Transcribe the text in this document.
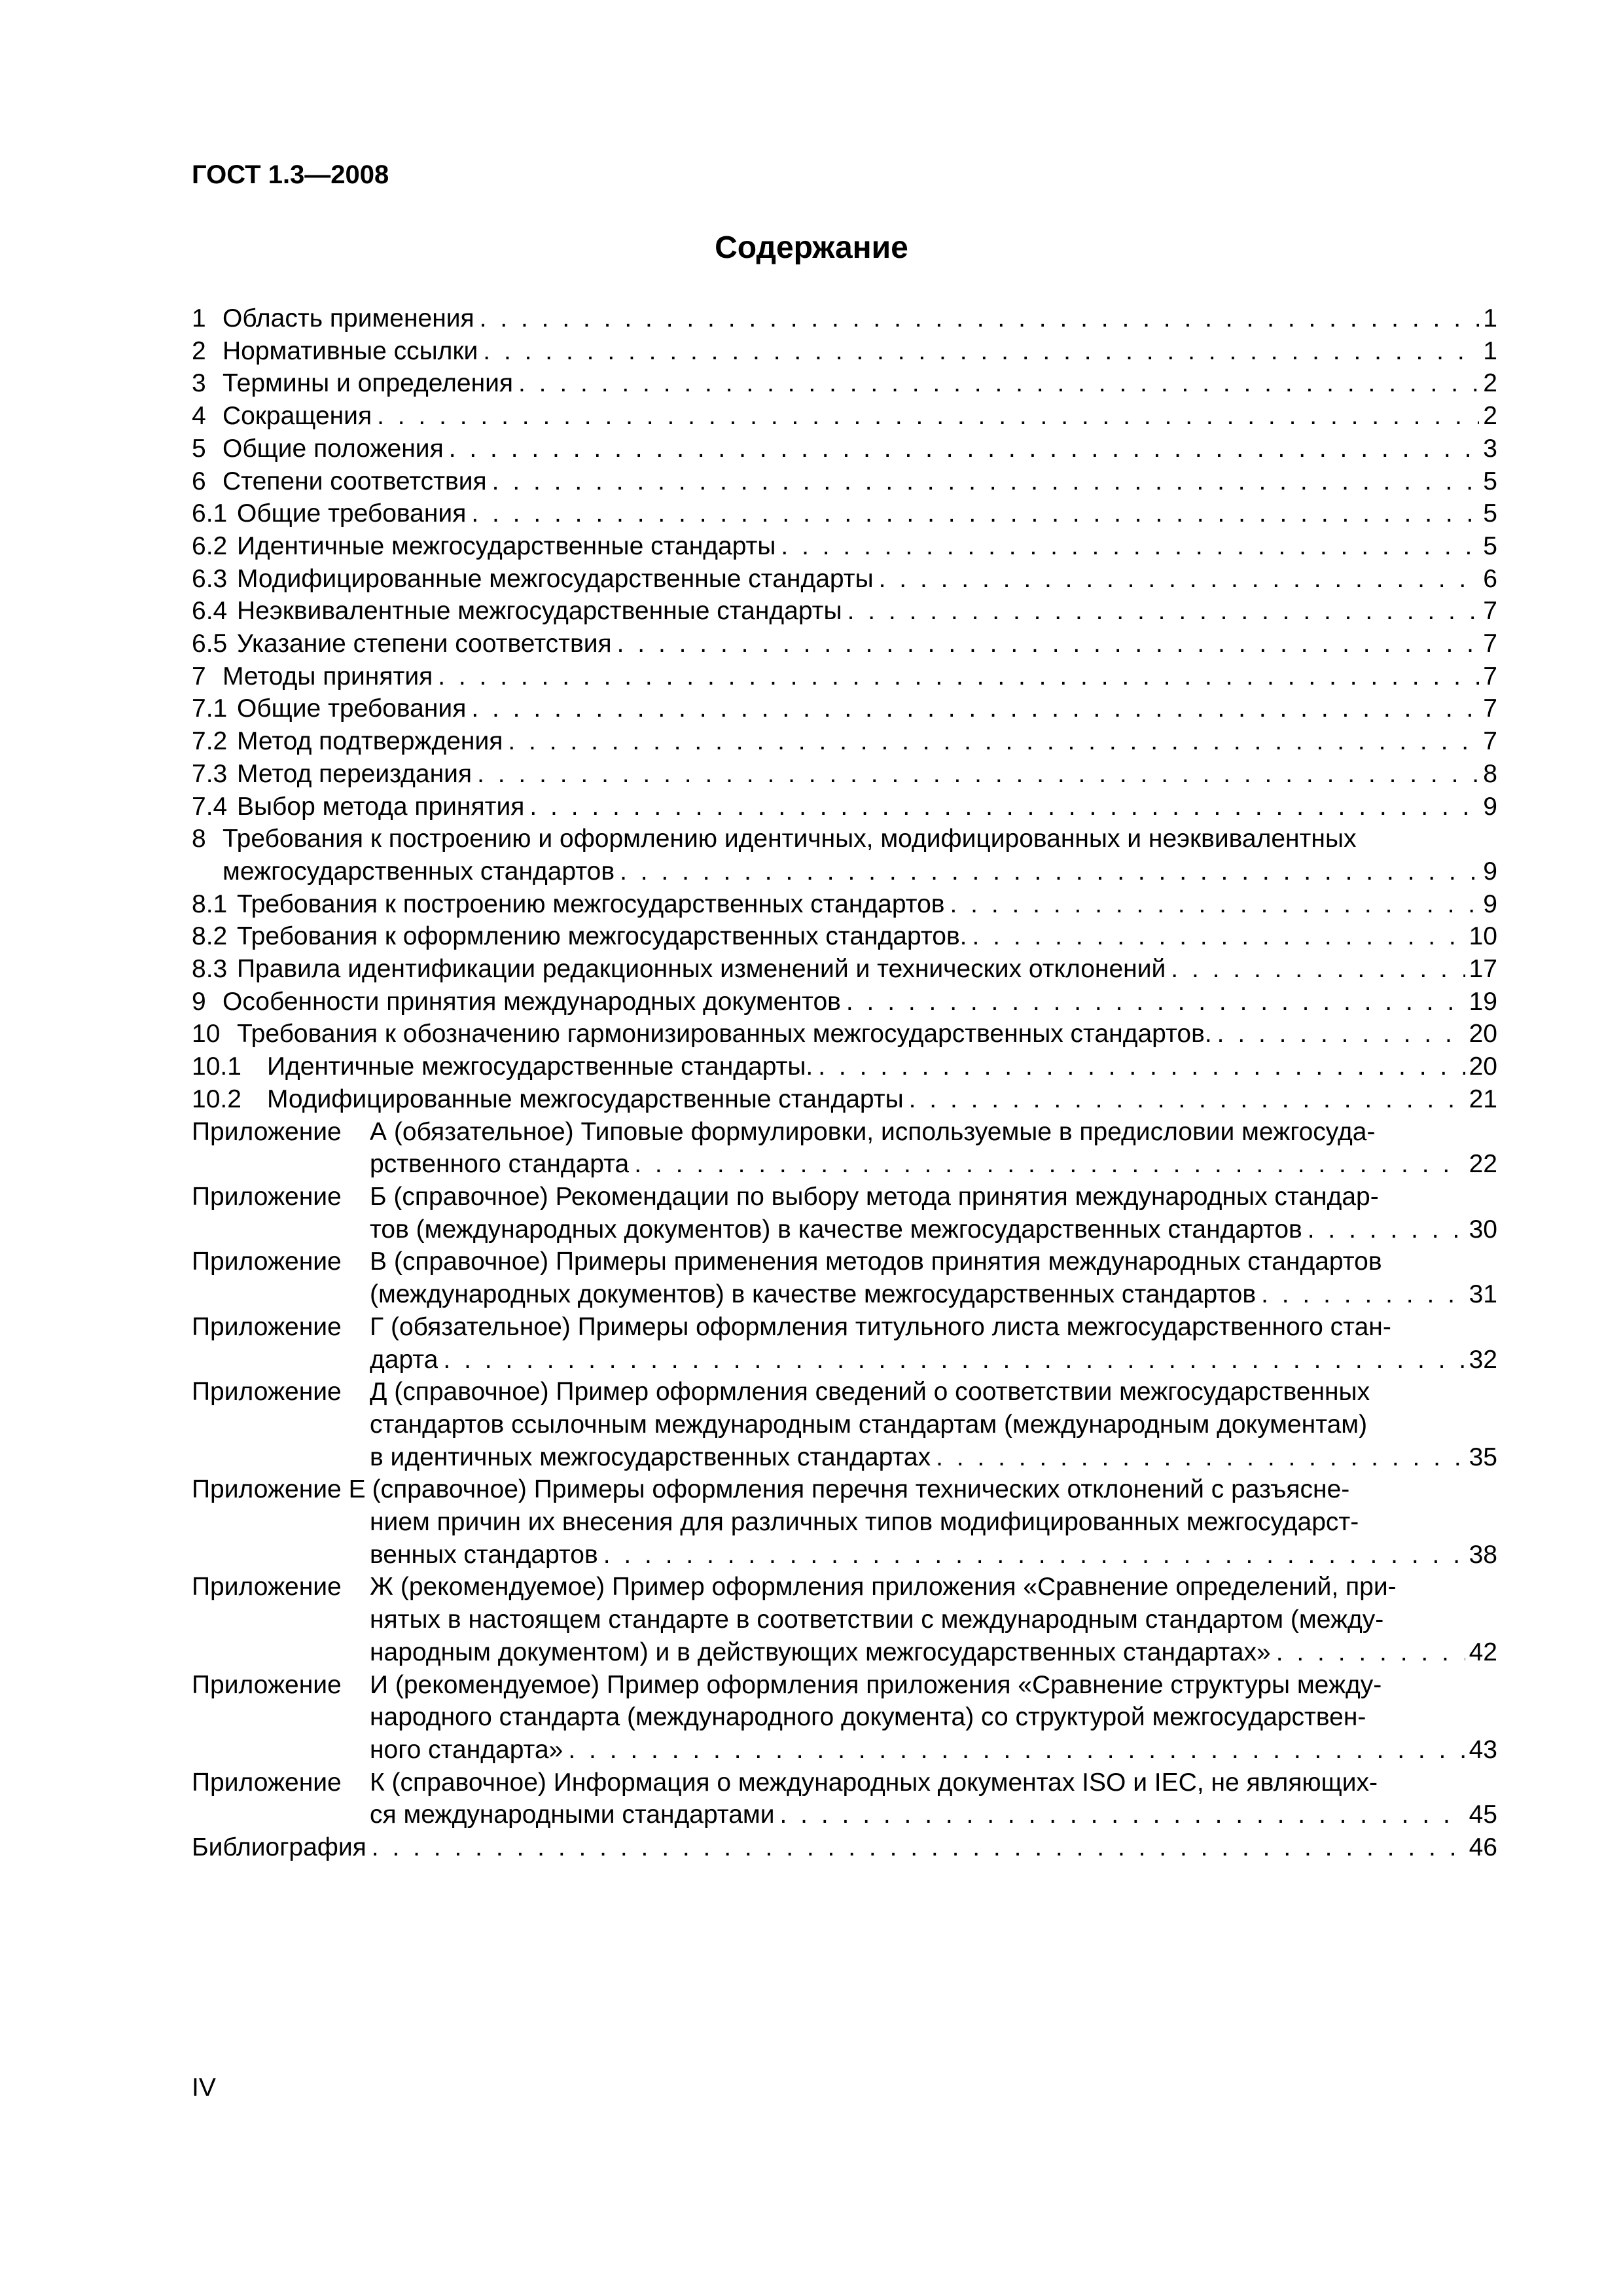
ГОСТ 1.3—2008

Содержание
1 Область применения . . .	1
2 Нормативные ссылки . . .	1
3 Термины и определения . . .	2
4 Сокращения . . .	2
5 Общие положения . . .	3
6 Степени соответствия . . .	5
6.1 Общие требования . . .	5
6.2 Идентичные межгосударственные стандарты . . .	5
6.3 Модифицированные межгосударственные стандарты . . .	6
6.4 Неэквивалентные межгосударственные стандарты . . .	7
6.5 Указание степени соответствия . . .	7
7 Методы принятия . . .	7
7.1 Общие требования . . .	7
7.2 Метод подтверждения . . .	7
7.3 Метод переиздания . . .	8
7.4 Выбор метода принятия . . .	9
8 Требования к построению и оформлению идентичных, модифицированных и неэквивалентных
межгосударственных стандартов . . .	9
8.1 Требования к построению межгосударственных стандартов . . .	9
8.2 Требования к оформлению межгосударственных стандартов. . . .	10
8.3 Правила идентификации редакционных изменений и технических отклонений . . .	17
9 Особенности принятия международных документов . . .	19
10 Требования к обозначению гармонизированных межгосударственных стандартов. . . .	20
10.1	Идентичные межгосударственные стандарты. . . .	20
10.2	Модифицированные межгосударственные стандарты . . .	21
Приложение	А (обязательное) Типовые формулировки, используемые в предисловии межгосуда-
рственного стандарта . . .	22
Приложение	Б (справочное) Рекомендации по выбору метода принятия международных стандар-
тов (международных документов) в качестве межгосударственных стандартов . . .	30
Приложение	В (справочное) Примеры применения методов принятия международных стандартов
(международных документов) в качестве межгосударственных стандартов . . .	31
Приложение	Г (обязательное) Примеры оформления титульного листа межгосударственного стан-
дарта . . .	32
Приложение	Д (справочное) Пример оформления сведений о соответствии межгосударственных
стандартов ссылочным международным стандартам (международным документам)
в идентичных межгосударственных стандартах . . .	35
Приложение Е (справочное) Примеры оформления перечня технических отклонений с разъясне-
нием причин их внесения для различных типов модифицированных межгосударст-
венных стандартов . . .	38
Приложение	Ж (рекомендуемое) Пример оформления приложения «Сравнение определений, при-
нятых в настоящем стандарте в соответствии с международным стандартом (между-
народным документом) и в действующих межгосударственных стандартах» . . .	42
Приложение	И (рекомендуемое) Пример оформления приложения «Сравнение структуры между-
народного стандарта (международного документа) со структурой межгосударствен-
ного стандарта» . . .	43
Приложение	К (справочное) Информация о международных документах ISO и IEC, не являющих-
ся международными стандартами . . .	45
Библиография . . .	46

IV
